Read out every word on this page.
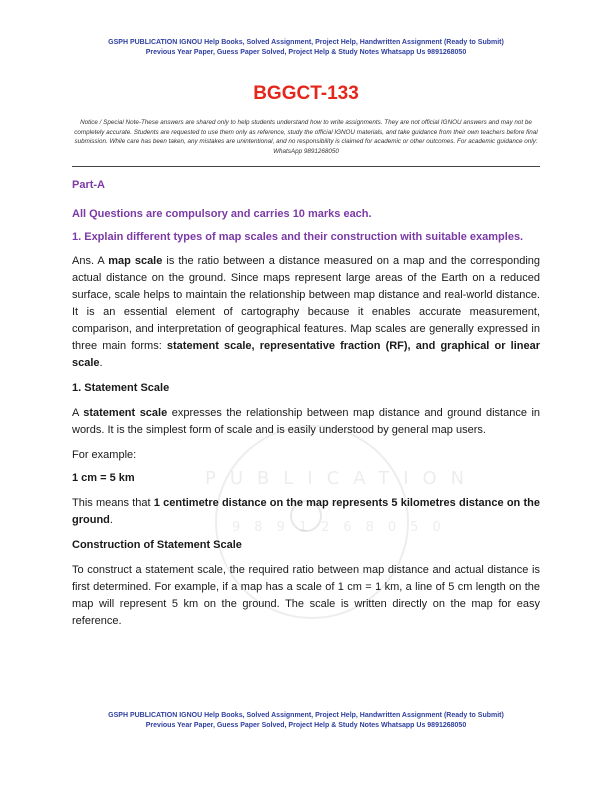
PUBLICATION
9891268050
GSPH PUBLICATION IGNOU Help Books, Solved Assignment, Project Help, Handwritten Assignment (Ready to Submit)
Previous Year Paper, Guess Paper Solved, Project Help & Study Notes Whatsapp Us 9891268050
BGGCT-133
Notice / Special Note-These answers are shared only to help students understand how to write assignments. They are not official IGNOU answers and may not be completely accurate. Students are requested to use them only as reference, study the official IGNOU materials, and take guidance from their own teachers before final submission. While care has been taken, any mistakes are unintentional, and no responsibility is claimed for academic or other outcomes. For academic guidance only: WhatsApp 9891268050
Part-A
All Questions are compulsory and carries 10 marks each.
1. Explain different types of map scales and their construction with suitable examples.

Ans. A map scale is the ratio between a distance measured on a map and the corresponding actual distance on the ground. Since maps represent large areas of the Earth on a reduced surface, scale helps to maintain the relationship between map distance and real-world distance. It is an essential element of cartography because it enables accurate measurement, comparison, and interpretation of geographical features. Map scales are generally expressed in three main forms: statement scale, representative fraction (RF), and graphical or linear scale.

1. Statement Scale

A statement scale expresses the relationship between map distance and ground distance in words. It is the simplest form of scale and is easily understood by general map users.

For example:
1 cm = 5 km

This means that 1 centimetre distance on the map represents 5 kilometres distance on the ground.

Construction of Statement Scale

To construct a statement scale, the required ratio between map distance and actual distance is first determined. For example, if a map has a scale of 1 cm = 1 km, a line of 5 cm length on the map will represent 5 km on the ground. The scale is written directly on the map for easy reference.

GSPH PUBLICATION IGNOU Help Books, Solved Assignment, Project Help, Handwritten Assignment (Ready to Submit)
Previous Year Paper, Guess Paper Solved, Project Help & Study Notes Whatsapp Us 9891268050
